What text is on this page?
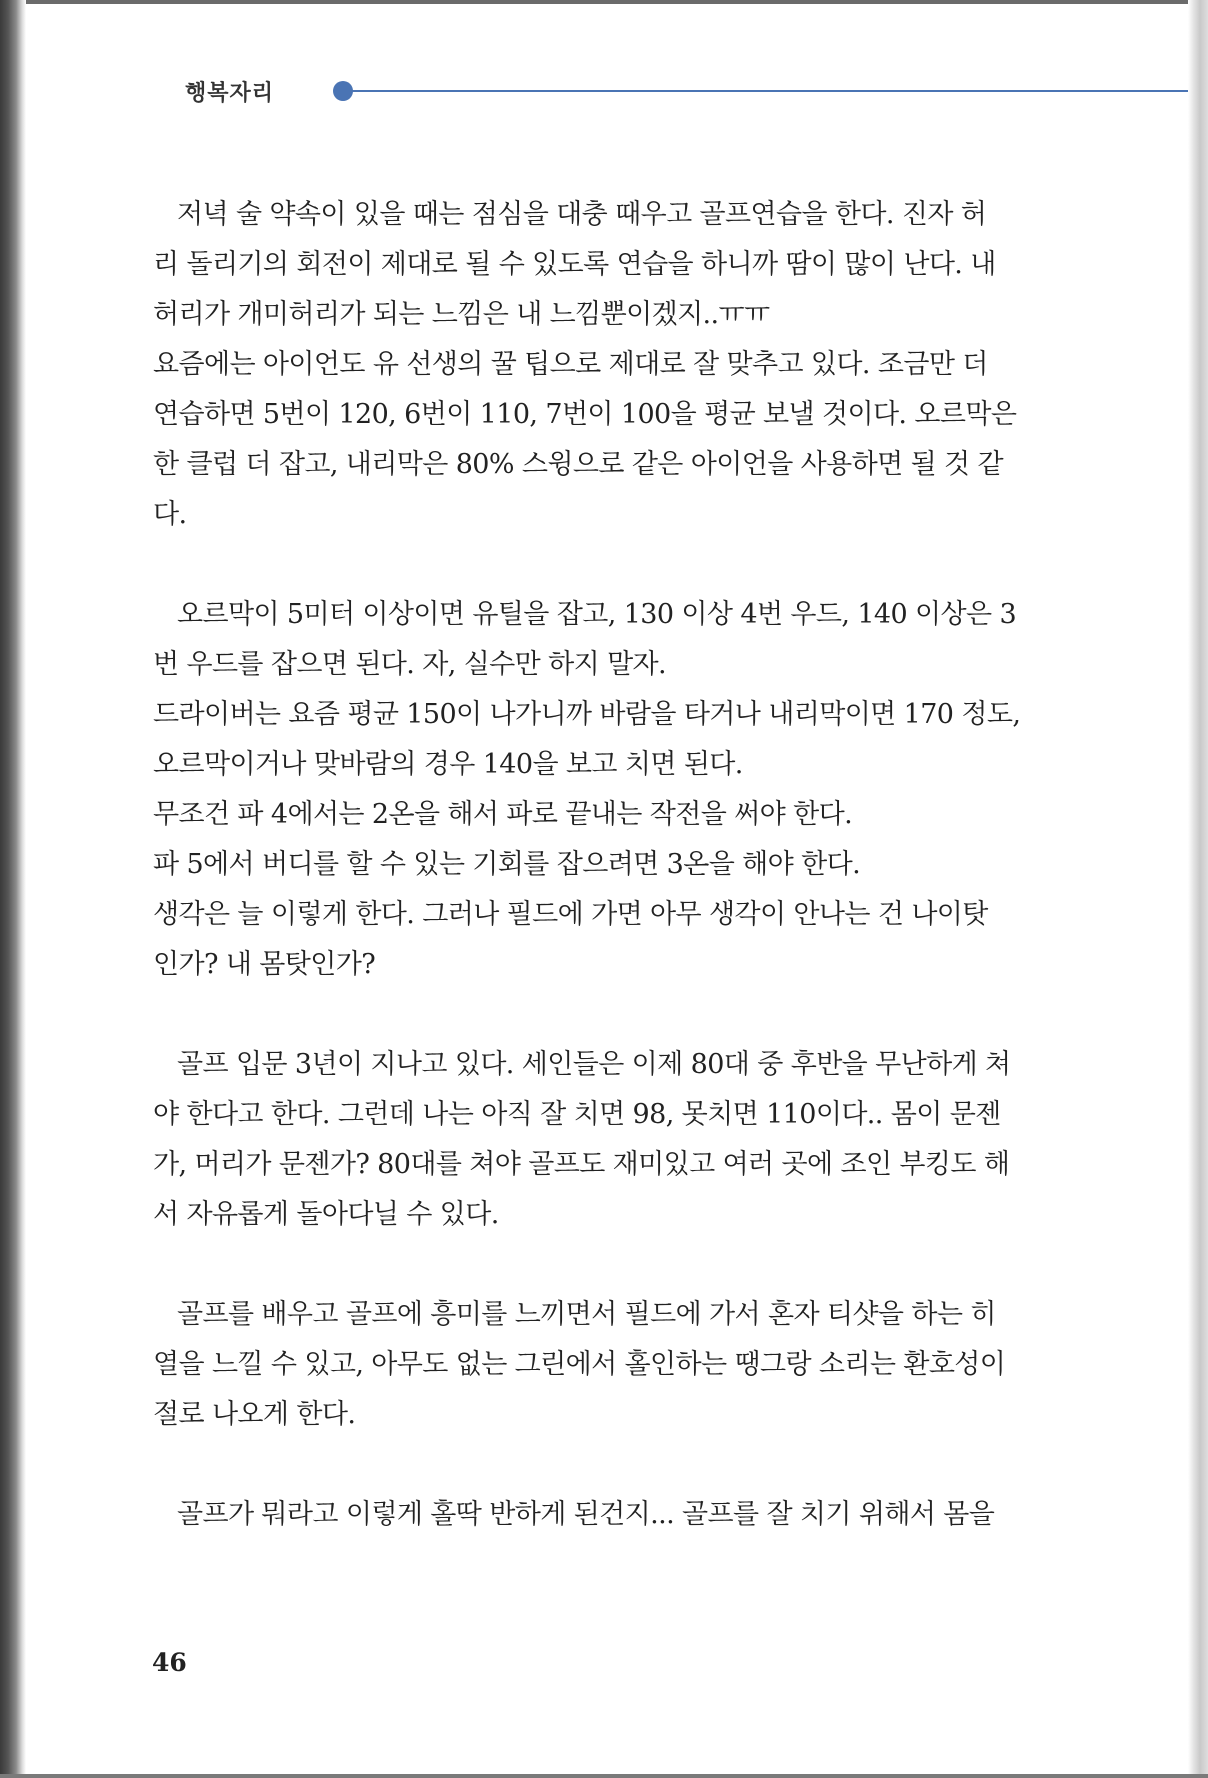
행복자리
저녁 술 약속이 있을 때는 점심을 대충 때우고 골프연습을 한다. 진자 허
리 돌리기의 회전이 제대로 될 수 있도록 연습을 하니까 땀이 많이 난다. 내
허리가 개미허리가 되는 느낌은 내 느낌뿐이겠지..ㅠㅠ
요즘에는 아이언도 유 선생의 꿀 팁으로 제대로 잘 맞추고 있다. 조금만 더
연습하면 5번이 120, 6번이 110, 7번이 100을 평균 보낼 것이다. 오르막은
한 클럽 더 잡고, 내리막은 80% 스윙으로 같은 아이언을 사용하면 될 것 같
다.
오르막이 5미터 이상이면 유틸을 잡고, 130 이상 4번 우드, 140 이상은 3
번 우드를 잡으면 된다. 자, 실수만 하지 말자.
드라이버는 요즘 평균 150이 나가니까 바람을 타거나 내리막이면 170 정도,
오르막이거나 맞바람의 경우 140을 보고 치면 된다.
무조건 파 4에서는 2온을 해서 파로 끝내는 작전을 써야 한다.
파 5에서 버디를 할 수 있는 기회를 잡으려면 3온을 해야 한다.
생각은 늘 이렇게 한다. 그러나 필드에 가면 아무 생각이 안나는 건 나이탓
인가? 내 몸탓인가?
골프 입문 3년이 지나고 있다. 세인들은 이제 80대 중 후반을 무난하게 쳐
야 한다고 한다. 그런데 나는 아직 잘 치면 98, 못치면 110이다.. 몸이 문젠
가, 머리가 문젠가? 80대를 쳐야 골프도 재미있고 여러 곳에 조인 부킹도 해
서 자유롭게 돌아다닐 수 있다.
골프를 배우고 골프에 흥미를 느끼면서 필드에 가서 혼자 티샷을 하는 히
열을 느낄 수 있고, 아무도 없는 그린에서 홀인하는 땡그랑 소리는 환호성이
절로 나오게 한다.
골프가 뭐라고 이렇게 홀딱 반하게 된건지... 골프를 잘 치기 위해서 몸을
46
